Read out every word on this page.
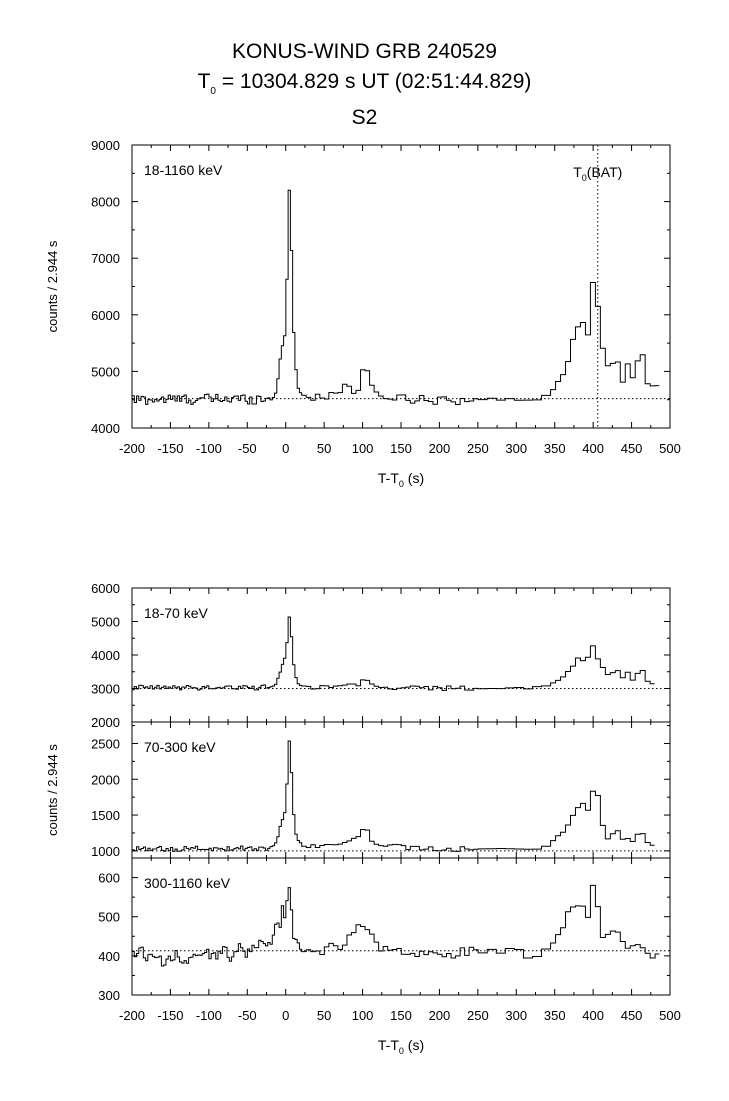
KONUS-WIND GRB 240529
$T_0 = 10304.829$ s UT (02:51:44.829)
S2
4000
5000
6000
7000
8000
9000
-200 -150 -100 -50 0 50 100 150 200 250 300 350 400 450 500
18-1160 keV	$T_0(BAT)$
$T-T_0$ (s)
counts / 2.944 s
2000
3000
4000
5000
6000
18-70 keV
1000
1500
2000
2500 70-300 keV
counts / 2.944 s
300
400
500
600
-200 -150 -100 -50 0 50 100 150 200 250 300 350 400 450 500
300-1160 keV
$T-T_0$ (s)
